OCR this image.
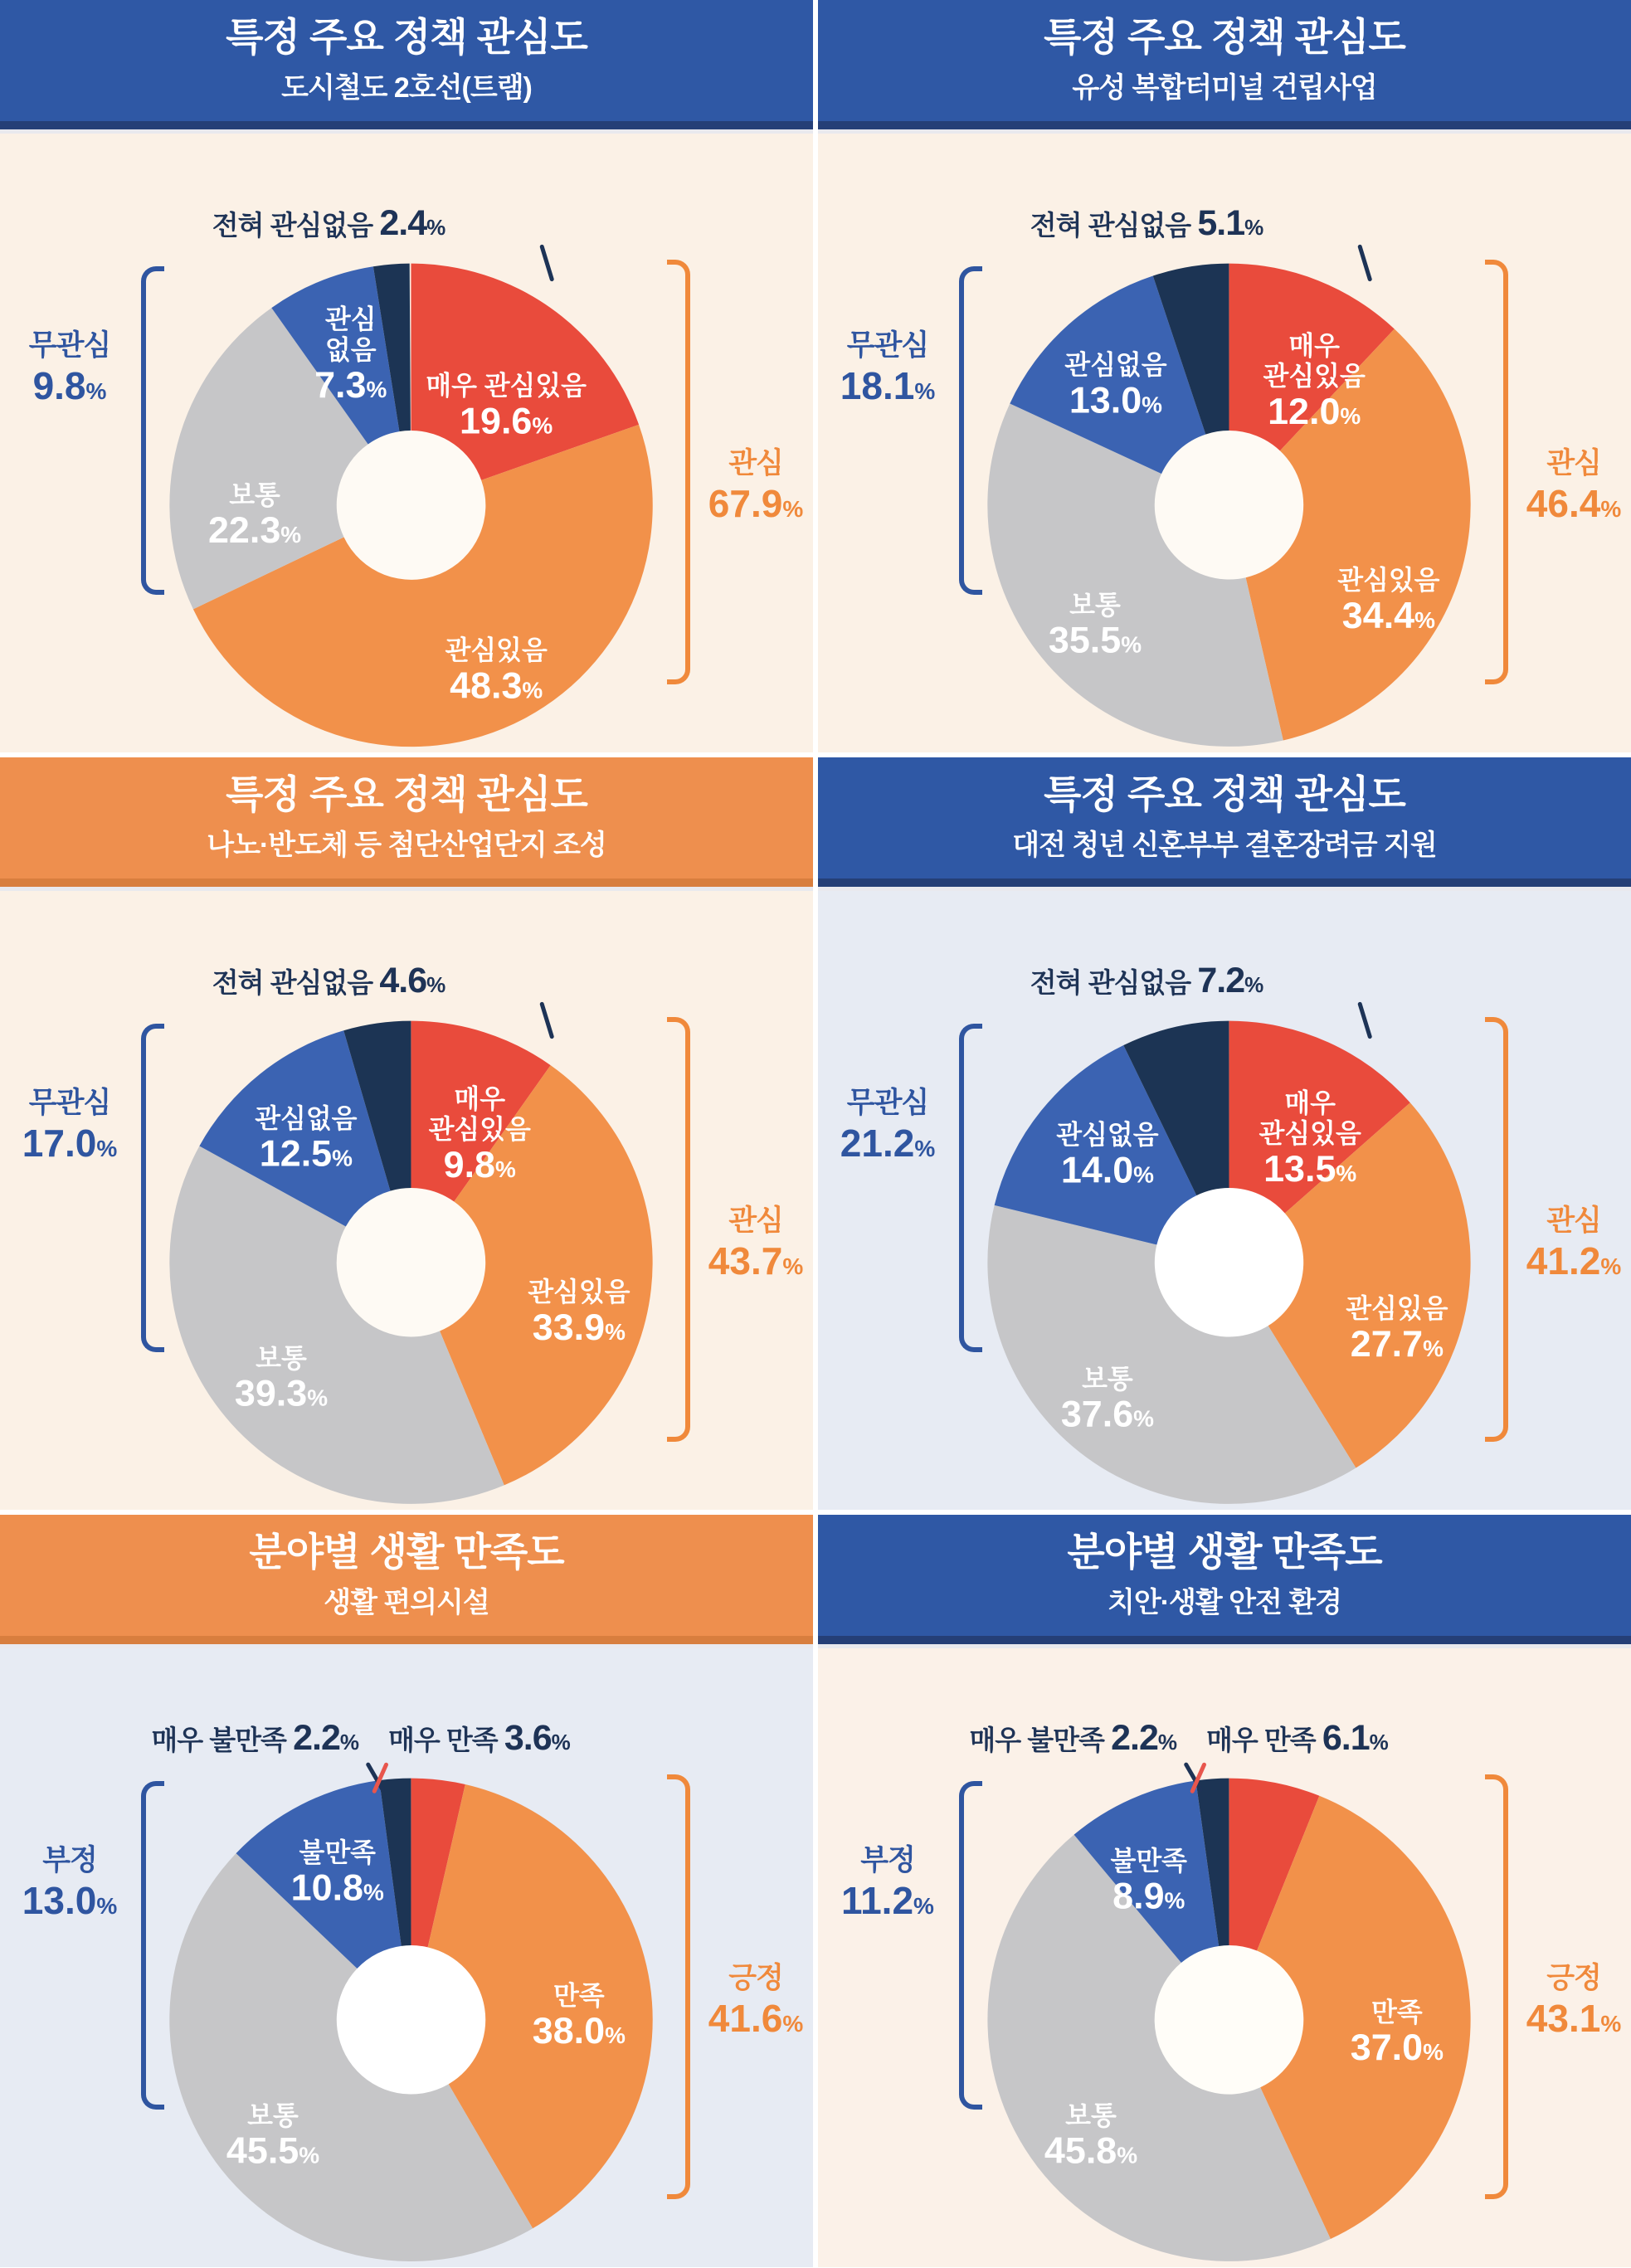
특정 주요 정책 관심도
도시철도 2호선(트램)
매우 관심있음
19.6%
관심있음
48.3%
보통
22.3%
관심
없음
7.3%
무관심
9.8%
관심
67.9%
전혀 관심없음 2.4%
특정 주요 정책 관심도
유성 복합터미널 건립사업
매우
관심있음
12.0%
관심있음
34.4%
보통
35.5%
관심없음
13.0%
무관심
18.1%
관심
46.4%
전혀 관심없음 5.1%
특정 주요 정책 관심도
나노·반도체 등 첨단산업단지 조성
매우
관심있음
9.8%
관심있음
33.9%
보통
39.3%
관심없음
12.5%
무관심
17.0%
관심
43.7%
전혀 관심없음 4.6%
특정 주요 정책 관심도
대전 청년 신혼부부 결혼장려금 지원
매우
관심있음
13.5%
관심있음
27.7%
보통
37.6%
관심없음
14.0%
무관심
21.2%
관심
41.2%
전혀 관심없음 7.2%
분야별 생활 만족도
생활 편의시설
만족
38.0%
보통
45.5%
불만족
10.8%
부정
13.0%
긍정
41.6%
매우 불만족 2.2% 매우 만족 3.6%
분야별 생활 만족도
치안·생활 안전 환경
만족
37.0%
보통
45.8%
불만족
8.9%
부정
11.2%
긍정
43.1%
매우 불만족 2.2% 매우 만족 6.1%
